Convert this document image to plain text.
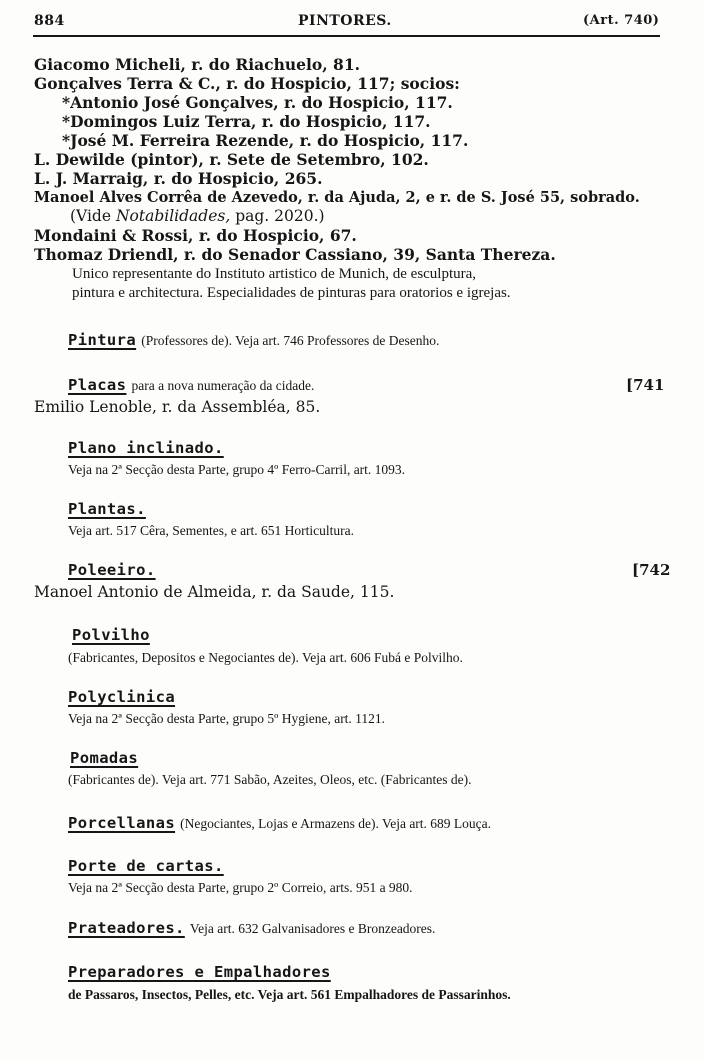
884	PINTORES.	(Art. 740)
Giacomo Micheli, r. do Riachuelo, 81.
Gonçalves Terra & C., r. do Hospicio, 117; socios:
*Antonio José Gonçalves, r. do Hospicio, 117.
*Domingos Luiz Terra, r. do Hospicio, 117.
*José M. Ferreira Rezende, r. do Hospicio, 117.
L. Dewilde (pintor), r. Sete de Setembro, 102.
L. J. Marraig, r. do Hospicio, 265.
Manoel Alves Corrêa de Azevedo, r. da Ajuda, 2, e r. de S. José 55, sobrado.
(Vide Notabilidades, pag. 2020.)
Mondaini & Rossi, r. do Hospicio, 67.
Thomaz Driendl, r. do Senador Cassiano, 39, Santa Thereza.
Unico representante do Instituto artistico de Munich, de esculptura,
pintura e architectura. Especialidades de pinturas para oratorios e igrejas.
Pintura (Professores de). Veja art. 746 Professores de Desenho.
Placas para a nova numeração da cidade.	[741
Emilio Lenoble, r. da Assembléa, 85.
Plano inclinado.
Veja na 2ª Secção desta Parte, grupo 4º Ferro-Carril, art. 1093.
Plantas.
Veja art. 517 Cêra, Sementes, e art. 651 Horticultura.
Poleeiro.	[742
Manoel Antonio de Almeida, r. da Saude, 115.
Polvilho
(Fabricantes, Depositos e Negociantes de). Veja art. 606 Fubá e Polvilho.
Polyclinica
Veja na 2ª Secção desta Parte, grupo 5º Hygiene, art. 1121.
Pomadas
(Fabricantes de). Veja art. 771 Sabão, Azeites, Oleos, etc. (Fabricantes de).
Porcellanas (Negociantes, Lojas e Armazens de). Veja art. 689 Louça.
Porte de cartas.
Veja na 2ª Secção desta Parte, grupo 2º Correio, arts. 951 a 980.
Prateadores. Veja art. 632 Galvanisadores e Bronzeadores.
Preparadores e Empalhadores
de Passaros, Insectos, Pelles, etc. Veja art. 561 Empalhadores de Passarinhos.
